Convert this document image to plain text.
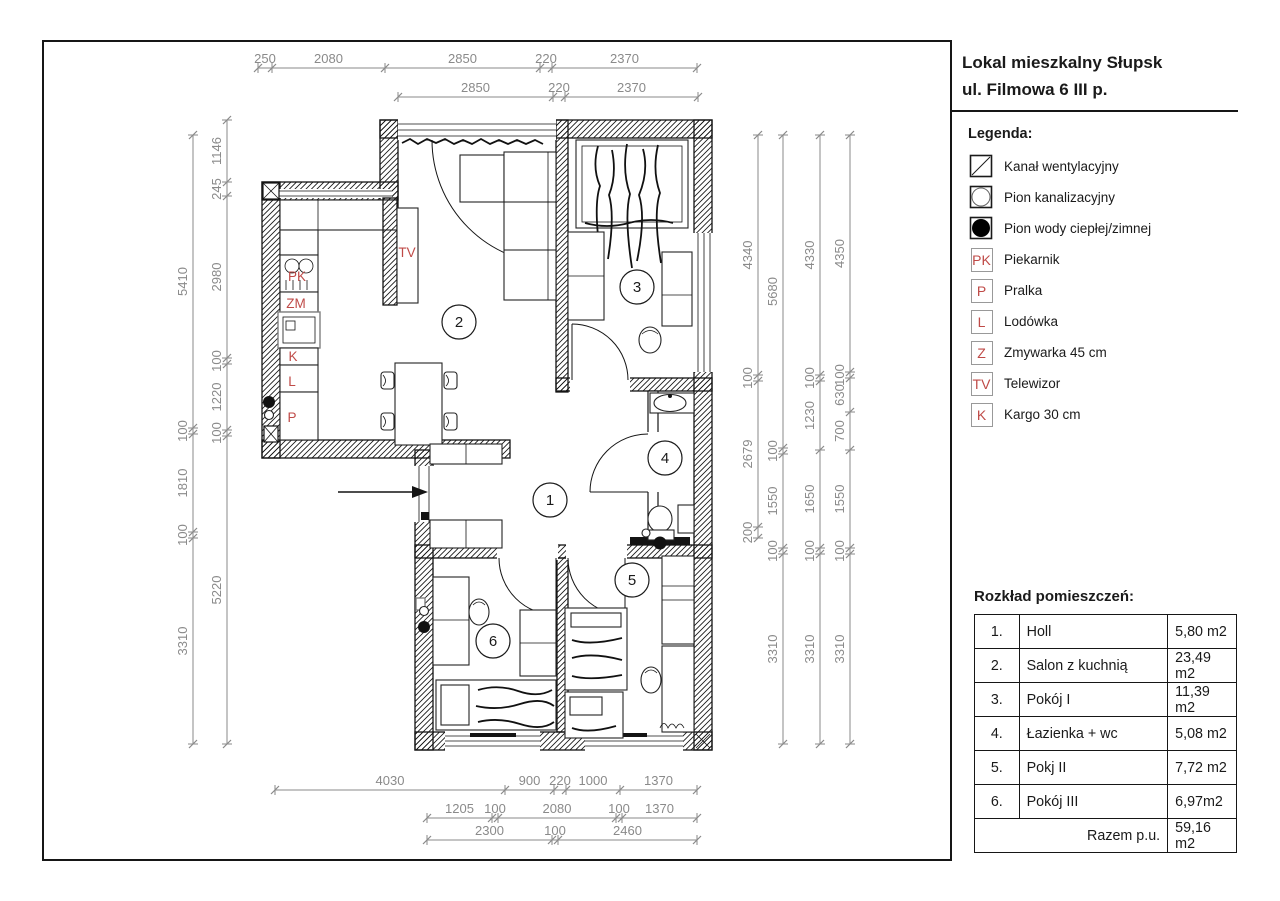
250	2080	2850	220	2370
2850	220	2370
4030	900 220 1000	1370
1205 100	2080	100 1370
2300	100	2460
5410
100
1810
100
3310
1146
245
2980
100
1220
100
5220
4340
100
2679
200
5680
100
1550
100
3310
4330
100
1230
1650
100
3310
4350
100
630
700
1550
100
3310
1
2
3
4
5
6
PK
ZM
K
L
P
TV
Lokal mieszkalny Słupsk
ul. Filmowa 6 III p.
Legenda:
Kanał wentylacyjny
Pion kanalizacyjny
Pion wody ciepłej/zimnej
PK Piekarnik
P	Pralka
L	Lodówka
Z	Zmywarka 45 cm
TV Telewizor
K	Kargo 30 cm
Rozkład pomieszczeń:
1.	Holl	5,80 m2
2.	Salon z kuchnią	23,49 m2
3.	Pokój I	11,39 m2
4.	Łazienka + wc	5,08 m2
5.	Pokj II	7,72 m2
6.	Pokój III	6,97m2
Razem p.u.		59,16 m2
